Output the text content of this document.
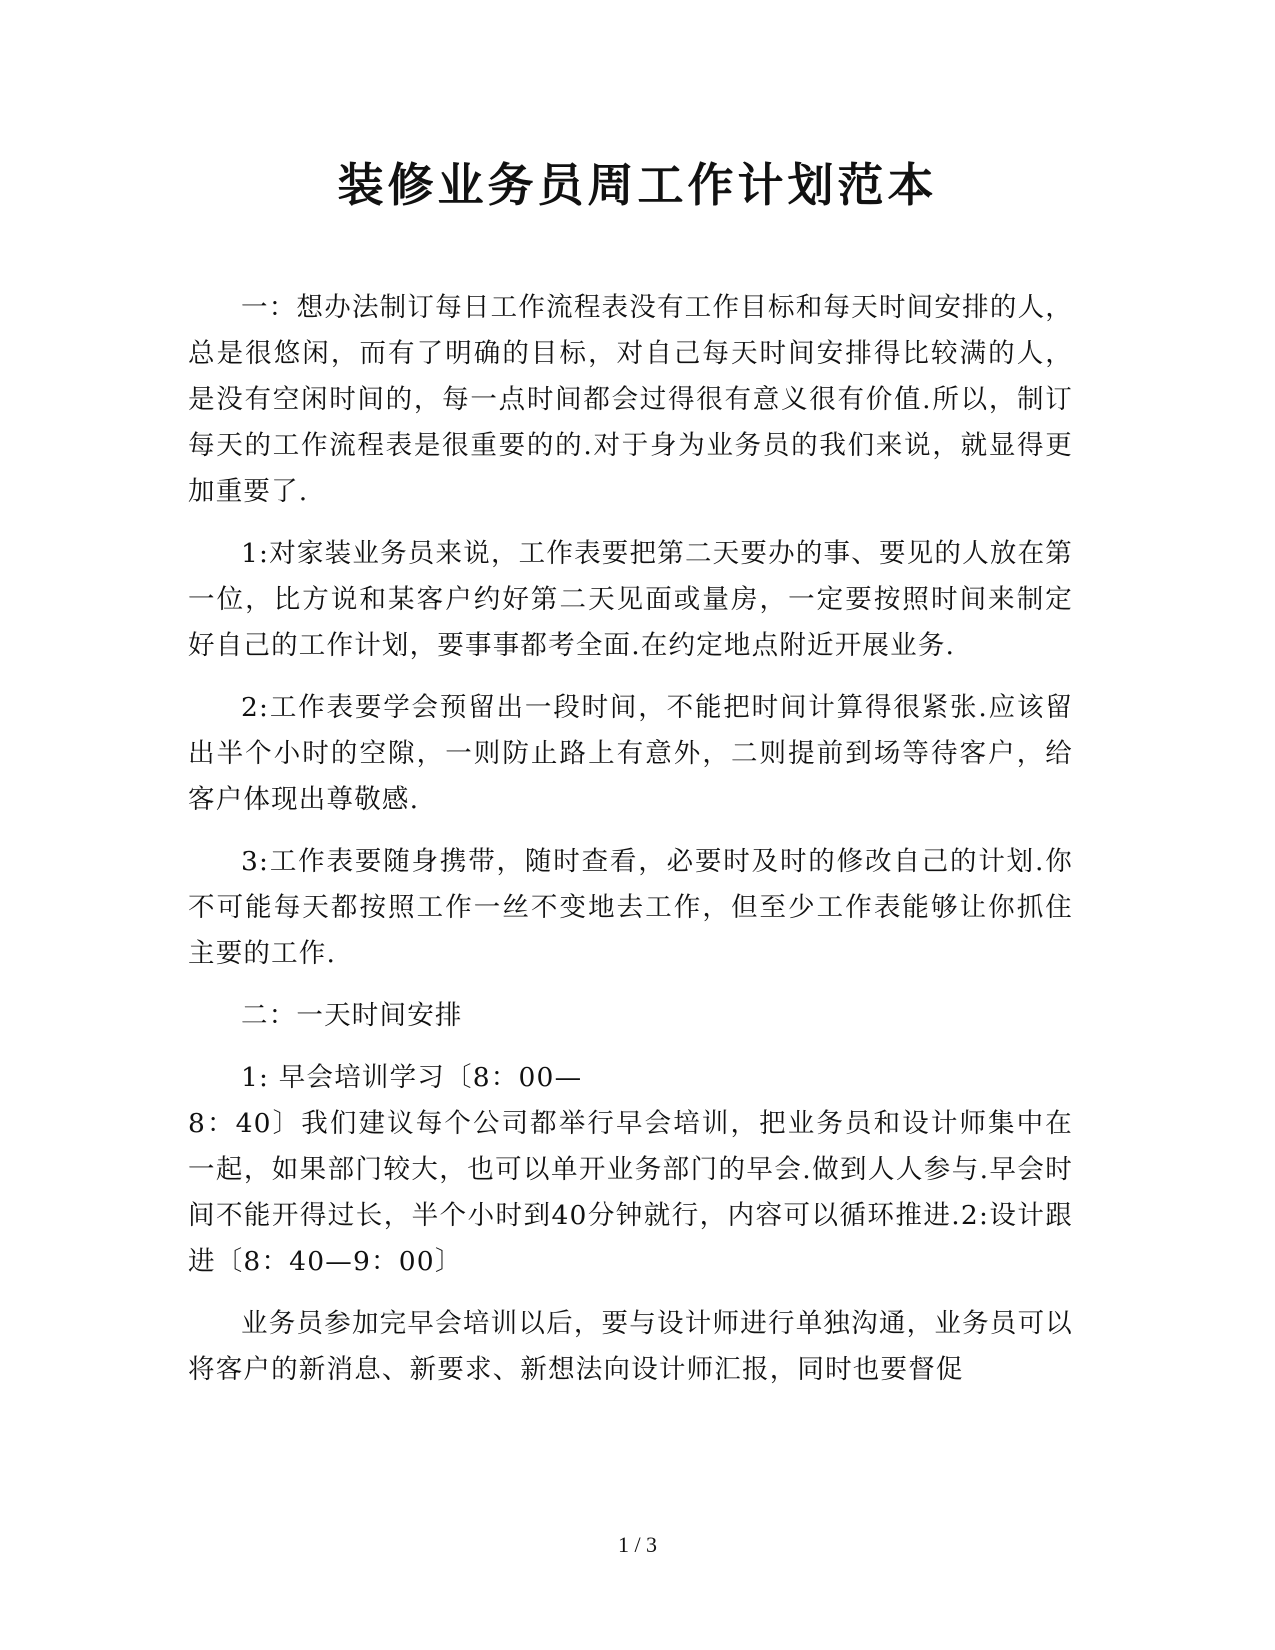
装修业务员周工作计划范本

一：想办法制订每日工作流程表没有工作目标和每天时间安排的人，总是很悠闲，而有了明确的目标，对自己每天时间安排得比较满的人，是没有空闲时间的，每一点时间都会过得很有意义很有价值.所以，制订每天的工作流程表是很重要的的.对于身为业务员的我们来说，就显得更加重要了.

1:对家装业务员来说，工作表要把第二天要办的事、要见的人放在第一位，比方说和某客户约好第二天见面或量房，一定要按照时间来制定好自己的工作计划，要事事都考全面.在约定地点附近开展业务.

2:工作表要学会预留出一段时间，不能把时间计算得很紧张.应该留出半个小时的空隙，一则防止路上有意外，二则提前到场等待客户，给客户体现出尊敬感.

3:工作表要随身携带，随时查看，必要时及时的修改自己的计划.你不可能每天都按照工作一丝不变地去工作，但至少工作表能够让你抓住主要的工作.

二：一天时间安排

1: 早会培训学习〔8：00—

8：40〕我们建议每个公司都举行早会培训，把业务员和设计师集中在一起，如果部门较大，也可以单开业务部门的早会.做到人人参与.早会时间不能开得过长，半个小时到40分钟就行，内容可以循环推进.2:设计跟进〔8：40—9：00〕

业务员参加完早会培训以后，要与设计师进行单独沟通，业务员可以将客户的新消息、新要求、新想法向设计师汇报，同时也要督促

1 / 3
